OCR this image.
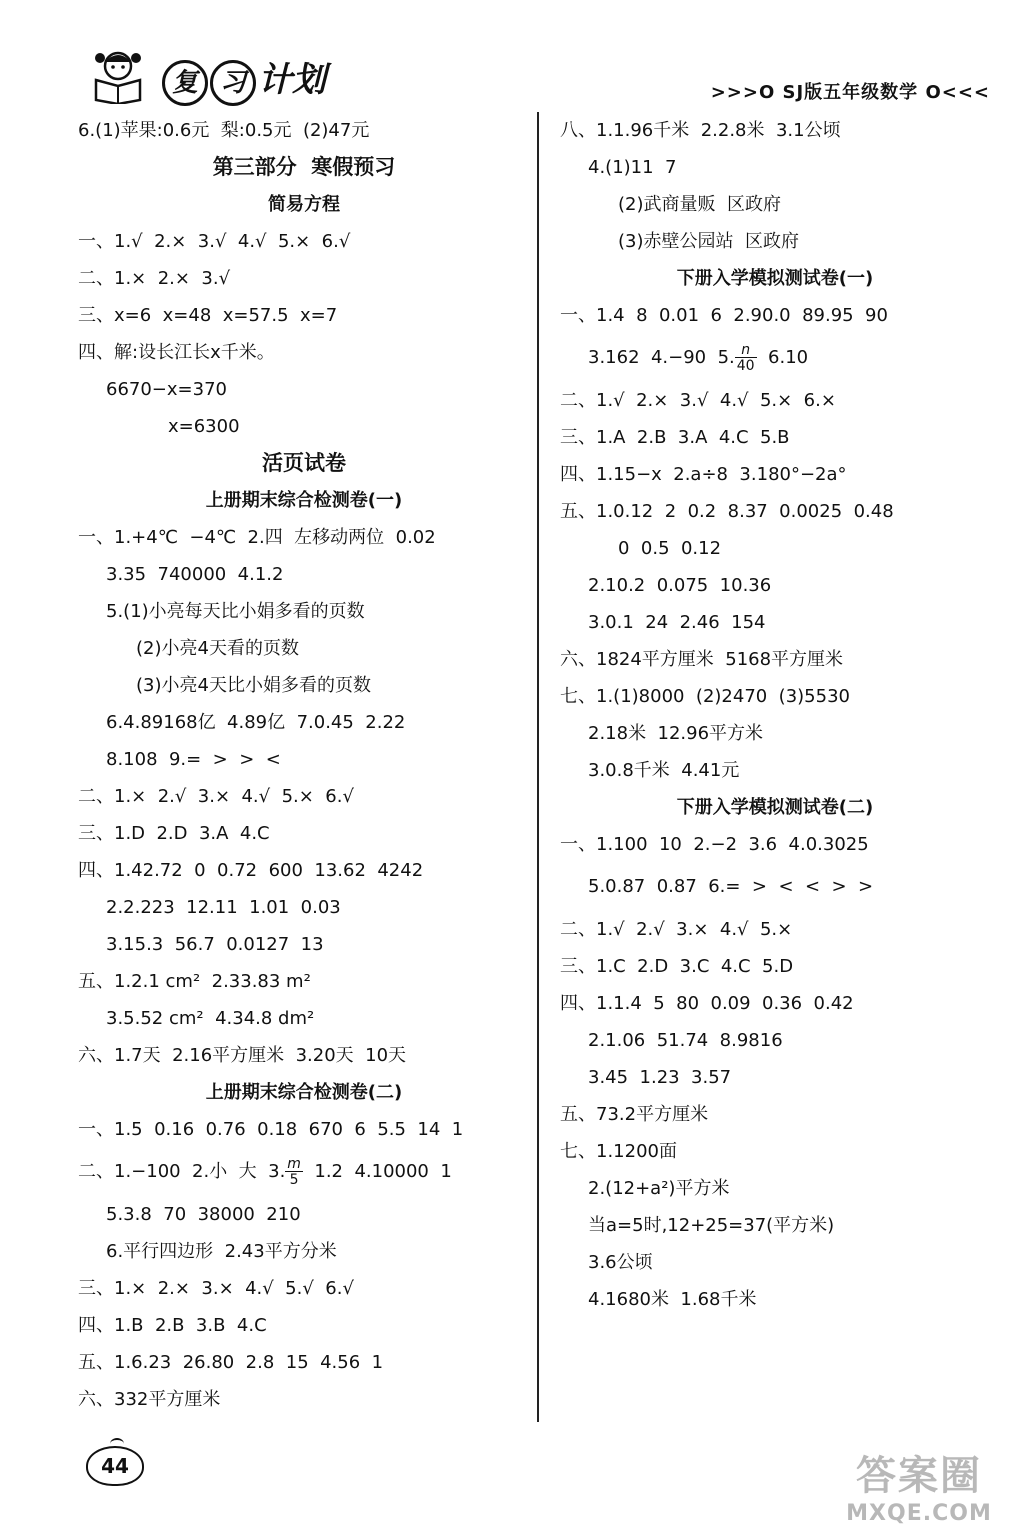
复 习 计划	>>>O SJ版五年级数学 O<<<
6.(1)苹果:0.6元  梨:0.5元  (2)47元
第三部分  寒假预习
简易方程
一、1.√  2.×  3.√  4.√  5.×  6.√
二、1.×  2.×  3.√
三、x=6  x=48  x=57.5  x=7
四、解:设长江长x千米。
6670−x=370
x=6300
活页试卷
上册期末综合检测卷(一)
一、1.+4℃  −4℃  2.四  左移动两位  0.02
3.35  740000  4.1.2
5.(1)小亮每天比小娟多看的页数
(2)小亮4天看的页数
(3)小亮4天比小娟多看的页数
6.4.89168亿  4.89亿  7.0.45  2.22
8.108  9.=  >  >  <
二、1.×  2.√  3.×  4.√  5.×  6.√
三、1.D  2.D  3.A  4.C
四、1.42.72  0  0.72  600  13.62  4242
2.2.223  12.11  1.01  0.03
3.15.3  56.7  0.0127  13
五、1.2.1 cm²  2.33.83 m²
3.5.52 cm²  4.34.8 dm²
六、1.7天  2.16平方厘米  3.20天  10天
上册期末综合检测卷(二)
一、1.5  0.16  0.76  0.18  670  6  5.5  14  1
二、1.−100  2.小  大  3. $\frac{m}{5} 1.2$  4.10000  1
5.3.8  70  38000  210
6.平行四边形  2.43平方分米
三、1.×  2.×  3.×  4.√  5.√  6.√
四、1.B  2.B  3.B  4.C
五、1.6.23  26.80  2.8  15  4.56  1
六、332平方厘米
八、1.1.96千米  2.2.8米  3.1公顷
4.(1)11  7
(2)武商量贩  区政府
(3)赤壁公园站  区政府
下册入学模拟测试卷(一)
一、1.4  8  0.01  6  2.90.0  89.95  90
3.162  4.−90  5. $\frac{n}{40} 6.10$
二、1.√  2.×  3.√  4.√  5.×  6.×
三、1.A  2.B  3.A  4.C  5.B
四、1.15−x  2.a÷8  3.180°−2a°
五、1.0.12  2  0.2  8.37  0.0025  0.48
0  0.5  0.12
2.10.2  0.075  10.36
3.0.1  24  2.46  154
六、1824平方厘米  5168平方厘米
七、1.(1)8000  (2)2470  (3)5530
2.18米  12.96平方米
3.0.8千米  4.41元
下册入学模拟测试卷(二)
一、1.100  10  2.−2  3.6  4.0.3025
5.0.87  0.87  6.=  >  <  <  >  >
二、1.√  2.√  3.×  4.√  5.×
三、1.C  2.D  3.C  4.C  5.D
四、1.1.4  5  80  0.09  0.36  0.42
2.1.06  51.74  8.9816
3.45  1.23  3.57
五、73.2平方厘米
七、1.1200面
2.(12+a²)平方米
当a=5时,12+25=37(平方米)
3.6公顷
4.1680米  1.68千米
44	答案圈
MXQE.COM
